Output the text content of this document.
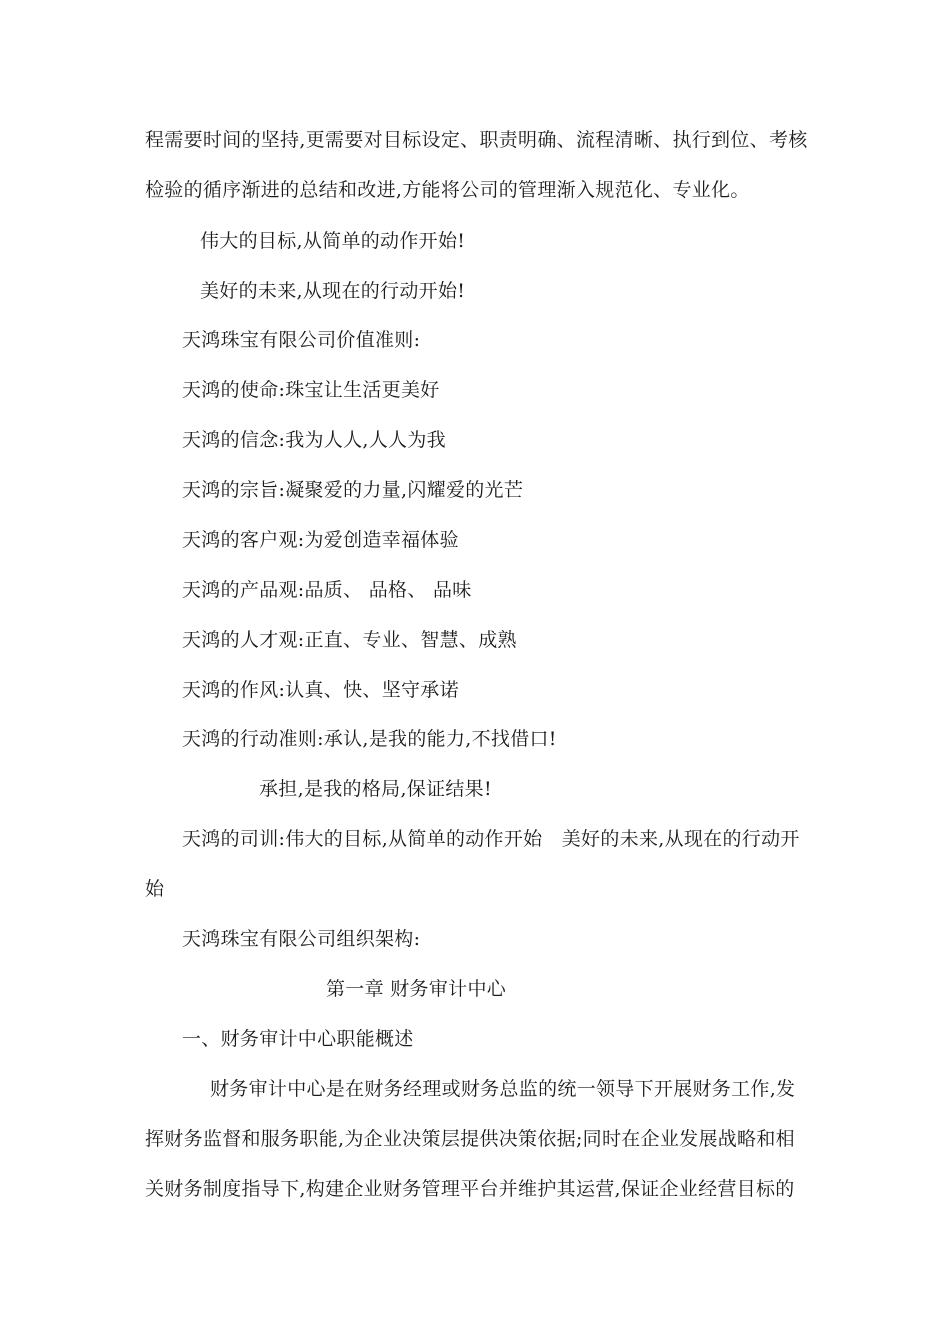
程需要时间的坚持,更需要对目标设定、职责明确、流程清晰、执行到位、考核
检验的循序渐进的总结和改进,方能将公司的管理渐入规范化、专业化。
伟大的目标,从简单的动作开始!
美好的未来,从现在的行动开始!
天鸿珠宝有限公司价值准则:
天鸿的使命:珠宝让生活更美好
天鸿的信念:我为人人,人人为我
天鸿的宗旨:凝聚爱的力量,闪耀爱的光芒
天鸿的客户观:为爱创造幸福体验
天鸿的产品观:品质、 品格、 品味
天鸿的人才观:正直、专业、智慧、成熟
天鸿的作风:认真、快、坚守承诺
天鸿的行动准则:承认,是我的能力,不找借口!
承担,是我的格局,保证结果!
天鸿的司训:伟大的目标,从简单的动作开始　美好的未来,从现在的行动开
始
天鸿珠宝有限公司组织架构:
第一章 财务审计中心
一、财务审计中心职能概述
财务审计中心是在财务经理或财务总监的统一领导下开展财务工作,发
挥财务监督和服务职能,为企业决策层提供决策依据;同时在企业发展战略和相
关财务制度指导下,构建企业财务管理平台并维护其运营,保证企业经营目标的
